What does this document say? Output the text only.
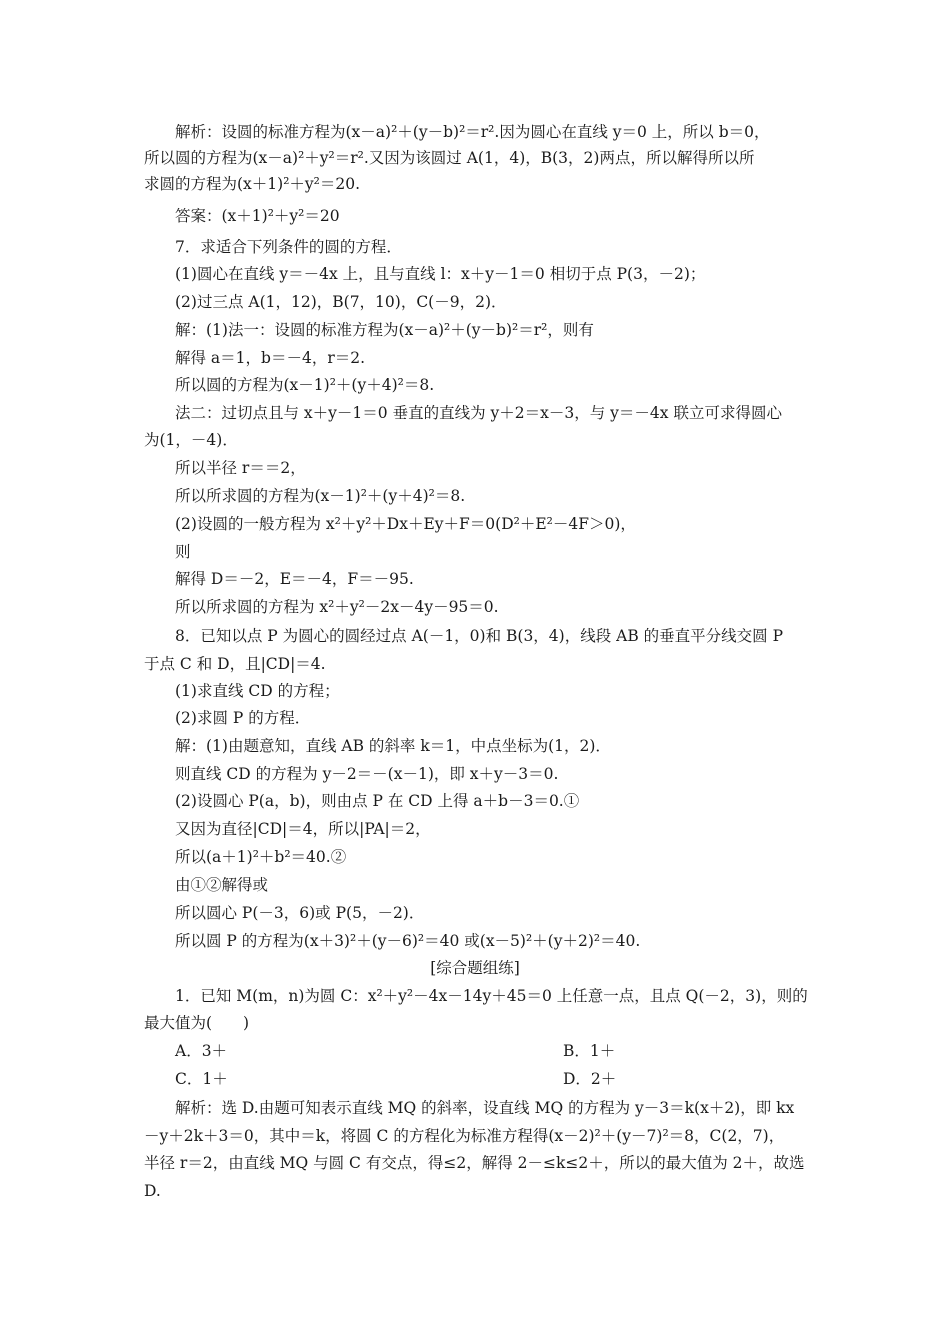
解析：设圆的标准方程为(x－a)²＋(y－b)²＝r².因为圆心在直线 y＝0 上，所以 b＝0，
所以圆的方程为(x－a)²＋y²＝r².又因为该圆过 A(1，4)，B(3，2)两点，所以解得所以所
求圆的方程为(x＋1)²＋y²＝20.
答案：(x＋1)²＋y²＝20
7．求适合下列条件的圆的方程．
(1)圆心在直线 y＝－4x 上，且与直线 l：x＋y－1＝0 相切于点 P(3，－2)；
(2)过三点 A(1，12)，B(7，10)，C(－9，2)．
解：(1)法一：设圆的标准方程为(x－a)²＋(y－b)²＝r²，则有
解得 a＝1，b＝－4，r＝2.
所以圆的方程为(x－1)²＋(y＋4)²＝8.
法二：过切点且与 x＋y－1＝0 垂直的直线为 y＋2＝x－3，与 y＝－4x 联立可求得圆心
为(1，－4)．
所以半径 r＝＝2，
所以所求圆的方程为(x－1)²＋(y＋4)²＝8.
(2)设圆的一般方程为 x²＋y²＋Dx＋Ey＋F＝0(D²＋E²－4F＞0)，
则
解得 D＝－2，E＝－4，F＝－95.
所以所求圆的方程为 x²＋y²－2x－4y－95＝0.
8．已知以点 P 为圆心的圆经过点 A(－1，0)和 B(3，4)，线段 AB 的垂直平分线交圆 P
于点 C 和 D，且|CD|＝4.
(1)求直线 CD 的方程；
(2)求圆 P 的方程．
解：(1)由题意知，直线 AB 的斜率 k＝1，中点坐标为(1，2)．
则直线 CD 的方程为 y－2＝－(x－1)，即 x＋y－3＝0.
(2)设圆心 P(a，b)，则由点 P 在 CD 上得 a＋b－3＝0.①
又因为直径|CD|＝4，所以|PA|＝2，
所以(a＋1)²＋b²＝40.②
由①②解得或
所以圆心 P(－3，6)或 P(5，－2)．
所以圆 P 的方程为(x＋3)²＋(y－6)²＝40 或(x－5)²＋(y＋2)²＝40.
[综合题组练]
1．已知 M(m，n)为圆 C：x²＋y²－4x－14y＋45＝0 上任意一点，且点 Q(－2，3)，则的
最大值为(　　)
A．3＋	B．1＋
C．1＋	D．2＋
解析：选 D.由题可知表示直线 MQ 的斜率，设直线 MQ 的方程为 y－3＝k(x＋2)，即 kx
－y＋2k＋3＝0，其中＝k，将圆 C 的方程化为标准方程得(x－2)²＋(y－7)²＝8，C(2，7)，
半径 r＝2，由直线 MQ 与圆 C 有交点，得≤2，解得 2－≤k≤2＋，所以的最大值为 2＋，故选
D.
